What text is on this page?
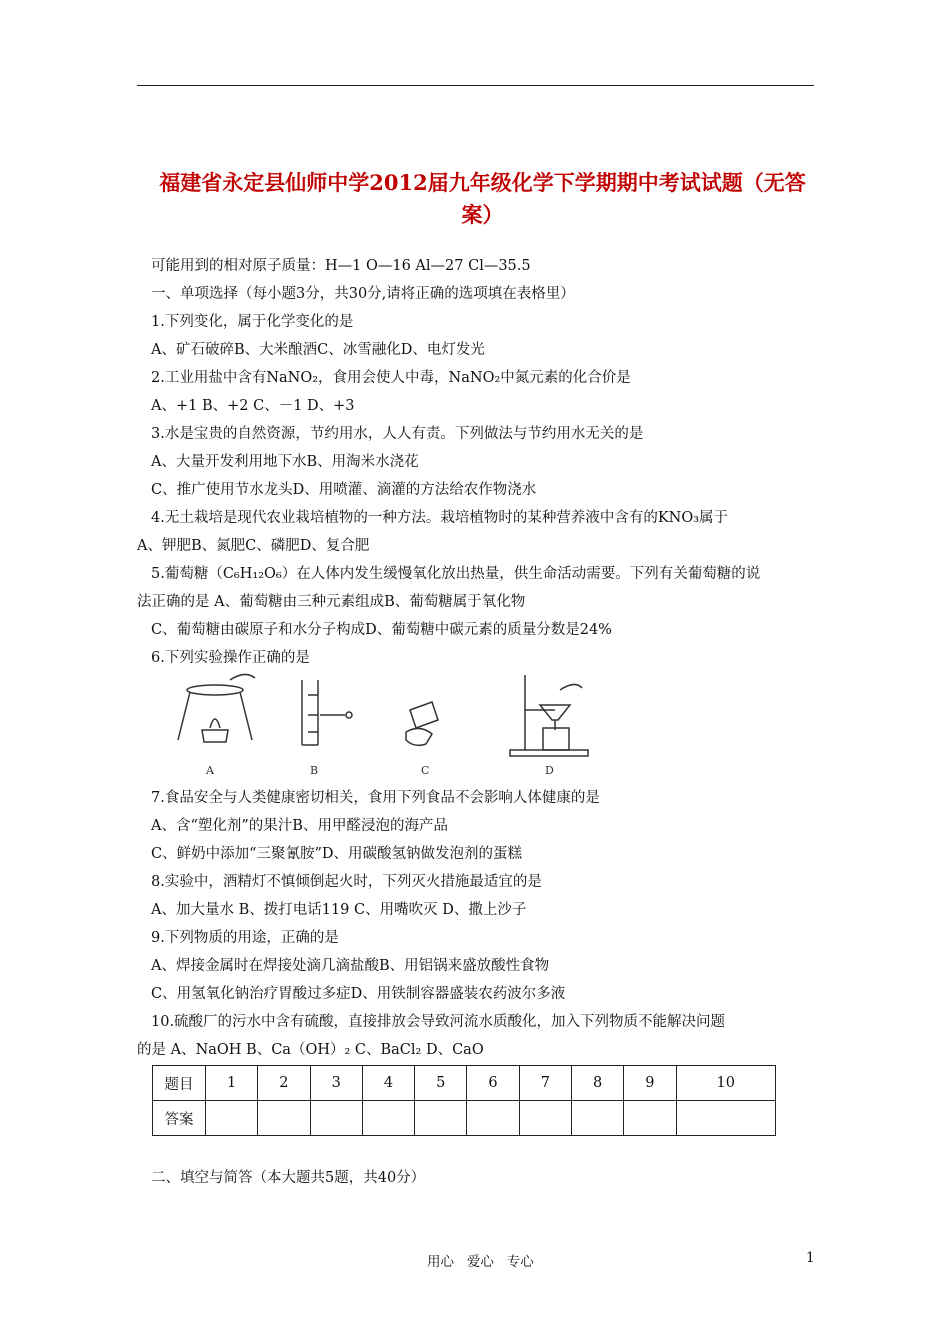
福建省永定县仙师中学2012届九年级化学下学期期中考试试题（无答案）
可能用到的相对原子质量：H—1 O—16 Al—27 Cl—35.5
一、单项选择（每小题3分，共30分,请将正确的选项填在表格里）
1.下列变化，属于化学变化的是
A、矿石破碎B、大米酿酒C、冰雪融化D、电灯发光
2.工业用盐中含有NaNO₂，食用会使人中毒，NaNO₂中氮元素的化合价是
A、+1 B、+2 C、－1 D、+3
3.水是宝贵的自然资源，节约用水，人人有责。下列做法与节约用水无关的是
A、大量开发利用地下水B、用淘米水浇花
C、推广使用节水龙头D、用喷灌、滴灌的方法给农作物浇水
4.无土栽培是现代农业栽培植物的一种方法。栽培植物时的某种营养液中含有的KNO₃属于
A、钾肥B、氮肥C、磷肥D、复合肥
5.葡萄糖（C₆H₁₂O₆）在人体内发生缓慢氧化放出热量，供生命活动需要。下列有关葡萄糖的说
法正确的是 A、葡萄糖由三种元素组成B、葡萄糖属于氧化物
C、葡萄糖由碳原子和水分子构成D、葡萄糖中碳元素的质量分数是24%
6.下列实验操作正确的是
A	B	C	D
7.食品安全与人类健康密切相关，食用下列食品不会影响人体健康的是
A、含“塑化剂”的果汁B、用甲醛浸泡的海产品
C、鲜奶中添加“三聚氰胺”D、用碳酸氢钠做发泡剂的蛋糕
8.实验中，酒精灯不慎倾倒起火时，下列灭火措施最适宜的是
A、加大量水 B、拨打电话119 C、用嘴吹灭 D、撒上沙子
9.下列物质的用途，正确的是
A、焊接金属时在焊接处滴几滴盐酸B、用铝锅来盛放酸性食物
C、用氢氧化钠治疗胃酸过多症D、用铁制容器盛装农药波尔多液
10.硫酸厂的污水中含有硫酸，直接排放会导致河流水质酸化，加入下列物质不能解决问题
的是 A、NaOH B、Ca（OH）₂ C、BaCl₂ D、CaO
题目	1	2	3	4	5	6	7	8	9	10
答案										
二、填空与简答（本大题共5题，共40分）
用心   爱心   专心	1
